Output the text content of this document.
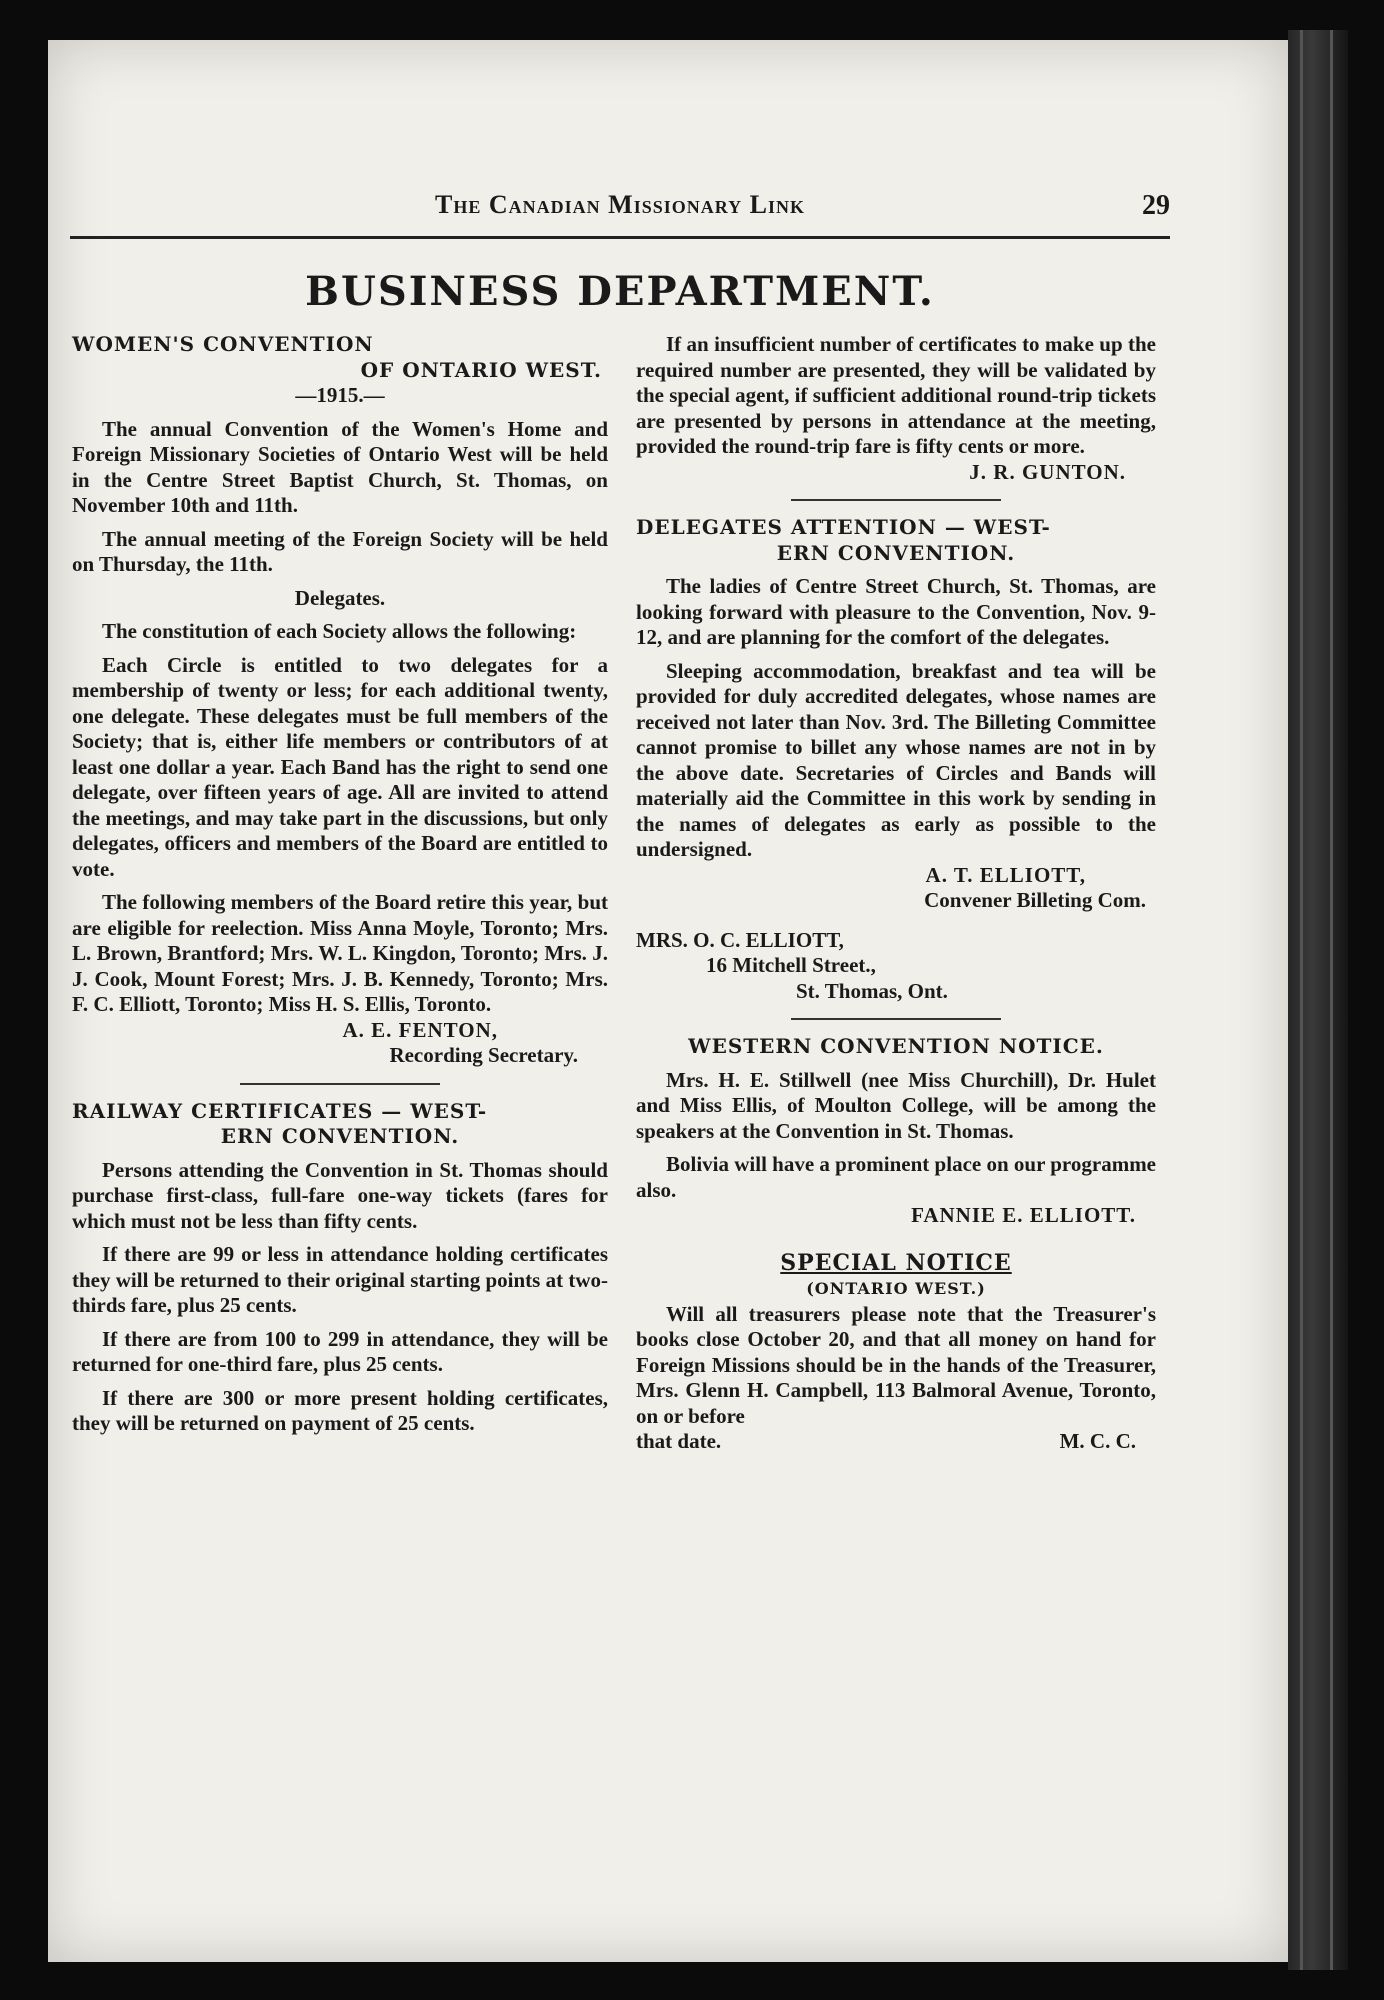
The Canadian Missionary Link	29
BUSINESS DEPARTMENT.
WOMEN'S CONVENTION
OF ONTARIO WEST.
—1915.—

The annual Convention of the Women's Home and Foreign Missionary Societies of Ontario West will be held in the Centre Street Baptist Church, St. Thomas, on November 10th and 11th.

The annual meeting of the Foreign Society will be held on Thursday, the 11th.

Delegates.

The constitution of each Society allows the following:

Each Circle is entitled to two delegates for a membership of twenty or less; for each additional twenty, one delegate. These delegates must be full members of the Society; that is, either life members or contributors of at least one dollar a year. Each Band has the right to send one delegate, over fifteen years of age. All are invited to attend the meetings, and may take part in the discussions, but only delegates, officers and members of the Board are entitled to vote.

The following members of the Board retire this year, but are eligible for reelection. Miss Anna Moyle, Toronto; Mrs. L. Brown, Brantford; Mrs. W. L. Kingdon, Toronto; Mrs. J. J. Cook, Mount Forest; Mrs. J. B. Kennedy, Toronto; Mrs. F. C. Elliott, Toronto; Miss H. S. Ellis, Toronto.

A. E. FENTON,
Recording Secretary.
RAILWAY CERTIFICATES — WEST-
ERN CONVENTION.

Persons attending the Convention in St. Thomas should purchase first-class, full-fare one-way tickets (fares for which must not be less than fifty cents.

If there are 99 or less in attendance holding certificates they will be returned to their original starting points at two-thirds fare, plus 25 cents.

If there are from 100 to 299 in attendance, they will be returned for one-third fare, plus 25 cents.

If there are 300 or more present holding certificates, they will be returned on payment of 25 cents.

If an insufficient number of certificates to make up the required number are presented, they will be validated by the special agent, if sufficient additional round-trip tickets are presented by persons in attendance at the meeting, provided the round-trip fare is fifty cents or more.

J. R. GUNTON.
DELEGATES ATTENTION — WEST-
ERN CONVENTION.

The ladies of Centre Street Church, St. Thomas, are looking forward with pleasure to the Convention, Nov. 9-12, and are planning for the comfort of the delegates.

Sleeping accommodation, breakfast and tea will be provided for duly accredited delegates, whose names are received not later than Nov. 3rd. The Billeting Committee cannot promise to billet any whose names are not in by the above date. Secretaries of Circles and Bands will materially aid the Committee in this work by sending in the names of delegates as early as possible to the undersigned.

A. T. ELLIOTT,
Convener Billeting Com.
MRS. O. C. ELLIOTT,
16 Mitchell Street.,
St. Thomas, Ont.
WESTERN CONVENTION NOTICE.

Mrs. H. E. Stillwell (nee Miss Churchill), Dr. Hulet and Miss Ellis, of Moulton College, will be among the speakers at the Convention in St. Thomas.

Bolivia will have a prominent place on our programme also.

FANNIE E. ELLIOTT.
SPECIAL NOTICE
(ONTARIO WEST.)

Will all treasurers please note that the Treasurer's books close October 20, and that all money on hand for Foreign Missions should be in the hands of the Treasurer, Mrs. Glenn H. Campbell, 113 Balmoral Avenue, Toronto, on or before

that date.	M. C. C.
